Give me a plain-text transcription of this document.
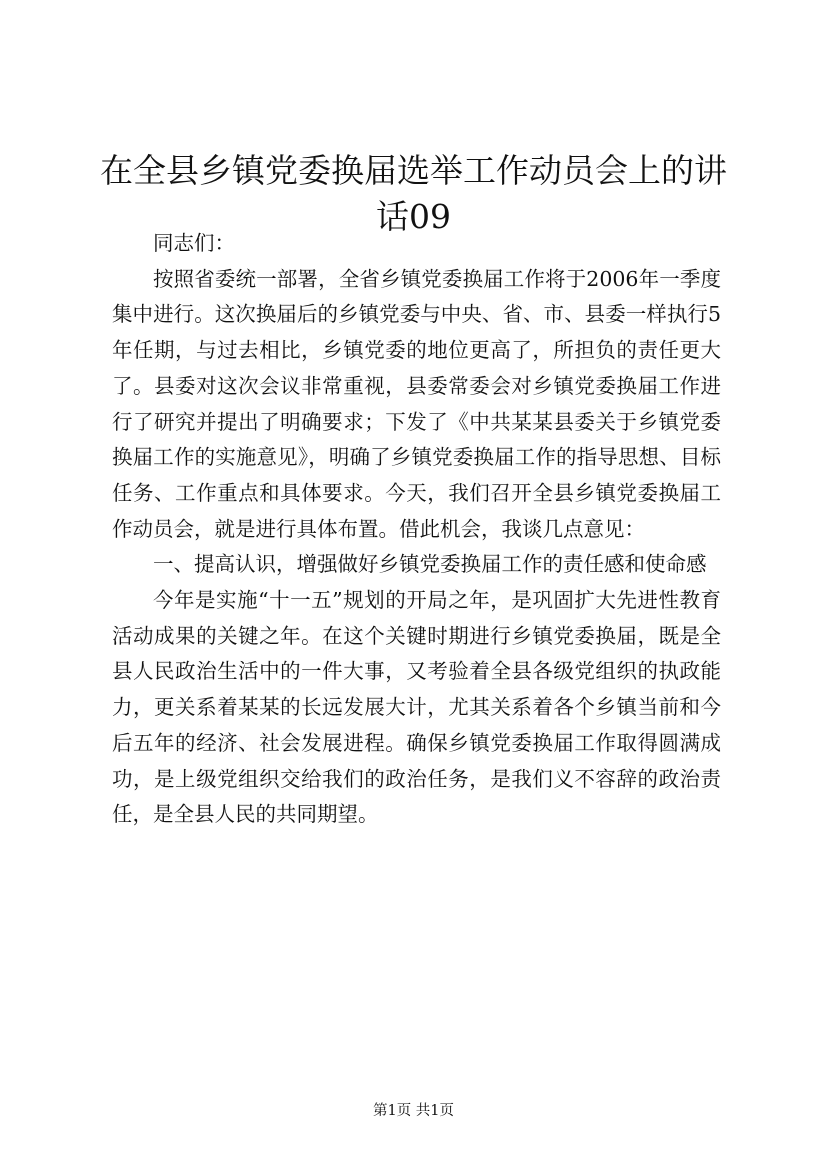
在全县乡镇党委换届选举工作动员会上的讲话09

同志们：

按照省委统一部署，全省乡镇党委换届工作将于2006年一季度集中进行。这次换届后的乡镇党委与中央、省、市、县委一样执行5年任期，与过去相比，乡镇党委的地位更高了，所担负的责任更大了。县委对这次会议非常重视，县委常委会对乡镇党委换届工作进行了研究并提出了明确要求；下发了《中共某某县委关于乡镇党委换届工作的实施意见》，明确了乡镇党委换届工作的指导思想、目标任务、工作重点和具体要求。今天，我们召开全县乡镇党委换届工作动员会，就是进行具体布置。借此机会，我谈几点意见：

一、提高认识，增强做好乡镇党委换届工作的责任感和使命感

今年是实施“十一五”规划的开局之年，是巩固扩大先进性教育活动成果的关键之年。在这个关键时期进行乡镇党委换届，既是全县人民政治生活中的一件大事，又考验着全县各级党组织的执政能力，更关系着某某的长远发展大计，尤其关系着各个乡镇当前和今后五年的经济、社会发展进程。确保乡镇党委换届工作取得圆满成功，是上级党组织交给我们的政治任务，是我们义不容辞的政治责任，是全县人民的共同期望。

第1页 共1页
